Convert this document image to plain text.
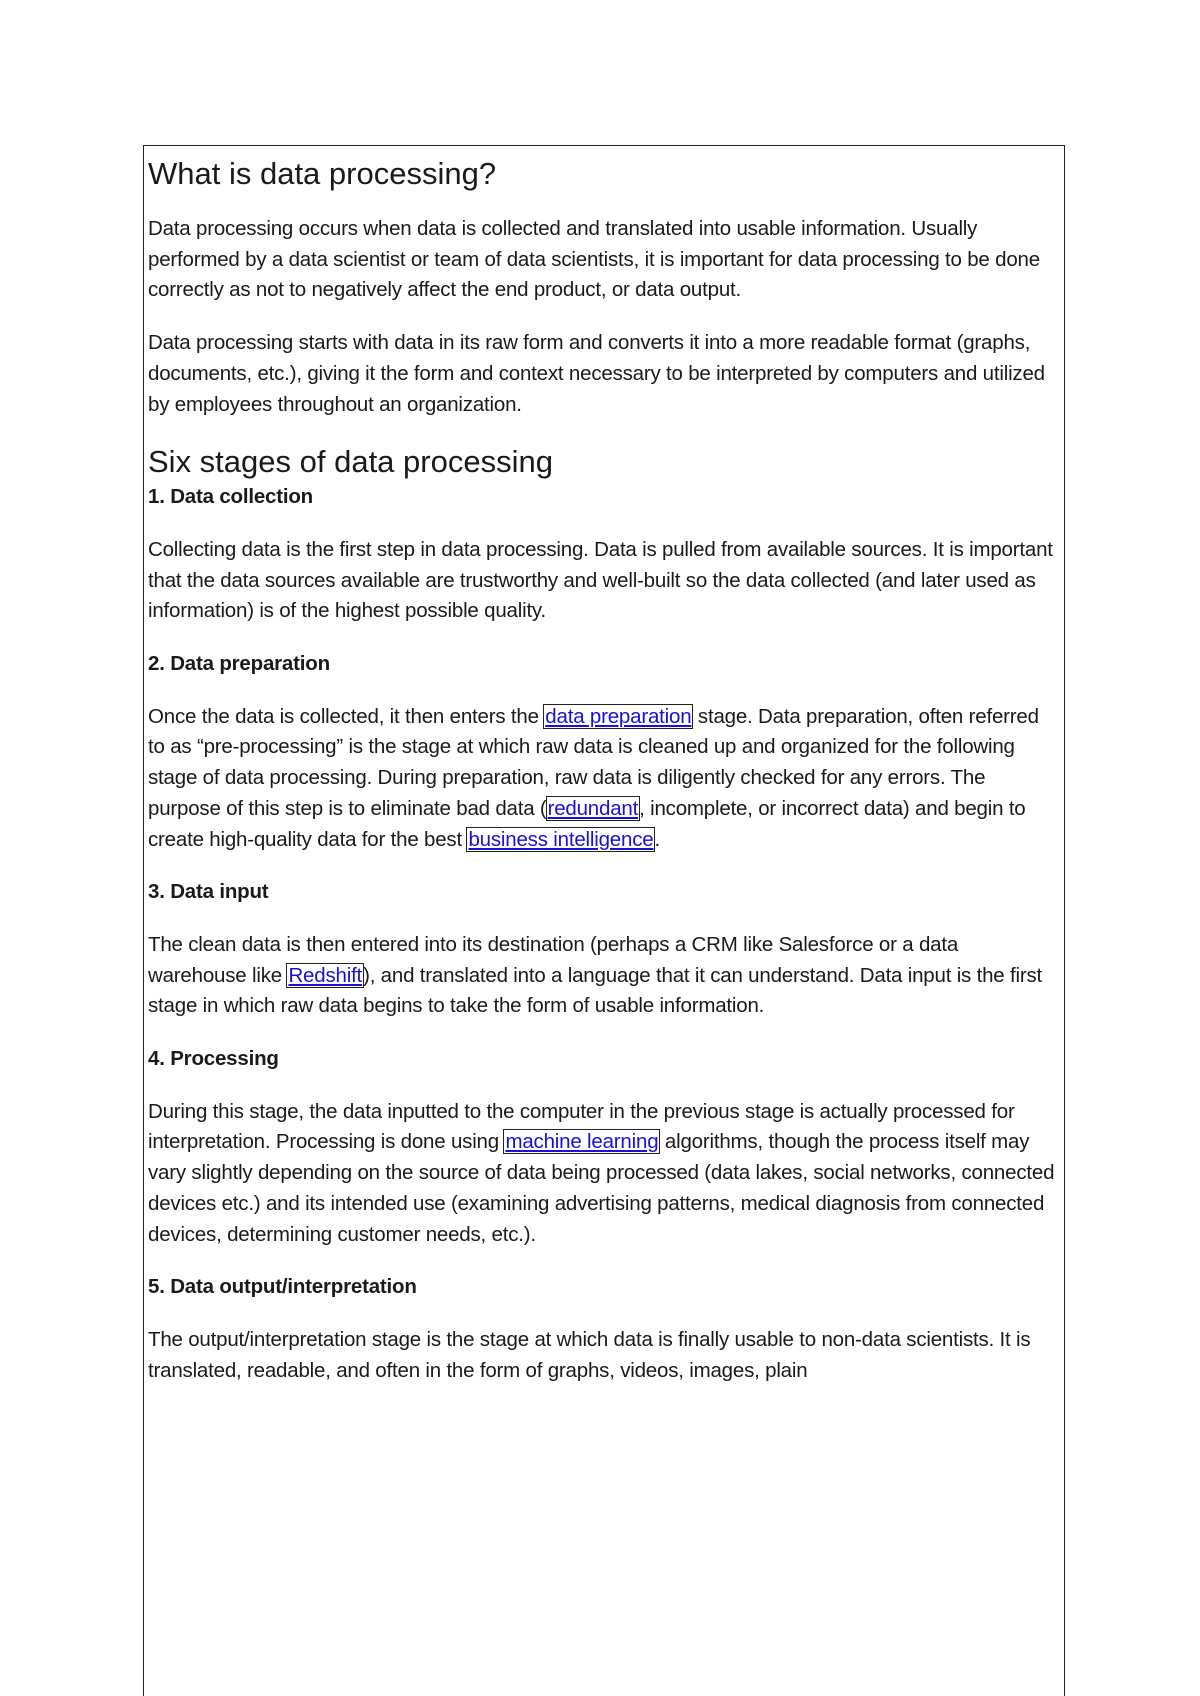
What is data processing?

Data processing occurs when data is collected and translated into usable information. Usually performed by a data scientist or team of data scientists, it is important for data processing to be done correctly as not to negatively affect the end product, or data output.

Data processing starts with data in its raw form and converts it into a more readable format (graphs, documents, etc.), giving it the form and context necessary to be interpreted by computers and utilized by employees throughout an organization.

Six stages of data processing
1. Data collection

Collecting data is the first step in data processing. Data is pulled from available sources. It is important that the data sources available are trustworthy and well-built so the data collected (and later used as information) is of the highest possible quality.

2. Data preparation

Once the data is collected, it then enters the data preparation stage. Data preparation, often referred to as “pre-processing” is the stage at which raw data is cleaned up and organized for the following stage of data processing. During preparation, raw data is diligently checked for any errors. The purpose of this step is to eliminate bad data (redundant, incomplete, or incorrect data) and begin to create high-quality data for the best business intelligence.

3. Data input

The clean data is then entered into its destination (perhaps a CRM like Salesforce or a data warehouse like Redshift), and translated into a language that it can understand. Data input is the first stage in which raw data begins to take the form of usable information.

4. Processing

During this stage, the data inputted to the computer in the previous stage is actually processed for interpretation. Processing is done using machine learning algorithms, though the process itself may vary slightly depending on the source of data being processed (data lakes, social networks, connected devices etc.) and its intended use (examining advertising patterns, medical diagnosis from connected devices, determining customer needs, etc.).

5. Data output/interpretation

The output/interpretation stage is the stage at which data is finally usable to non-data scientists. It is translated, readable, and often in the form of graphs, videos, images, plain
